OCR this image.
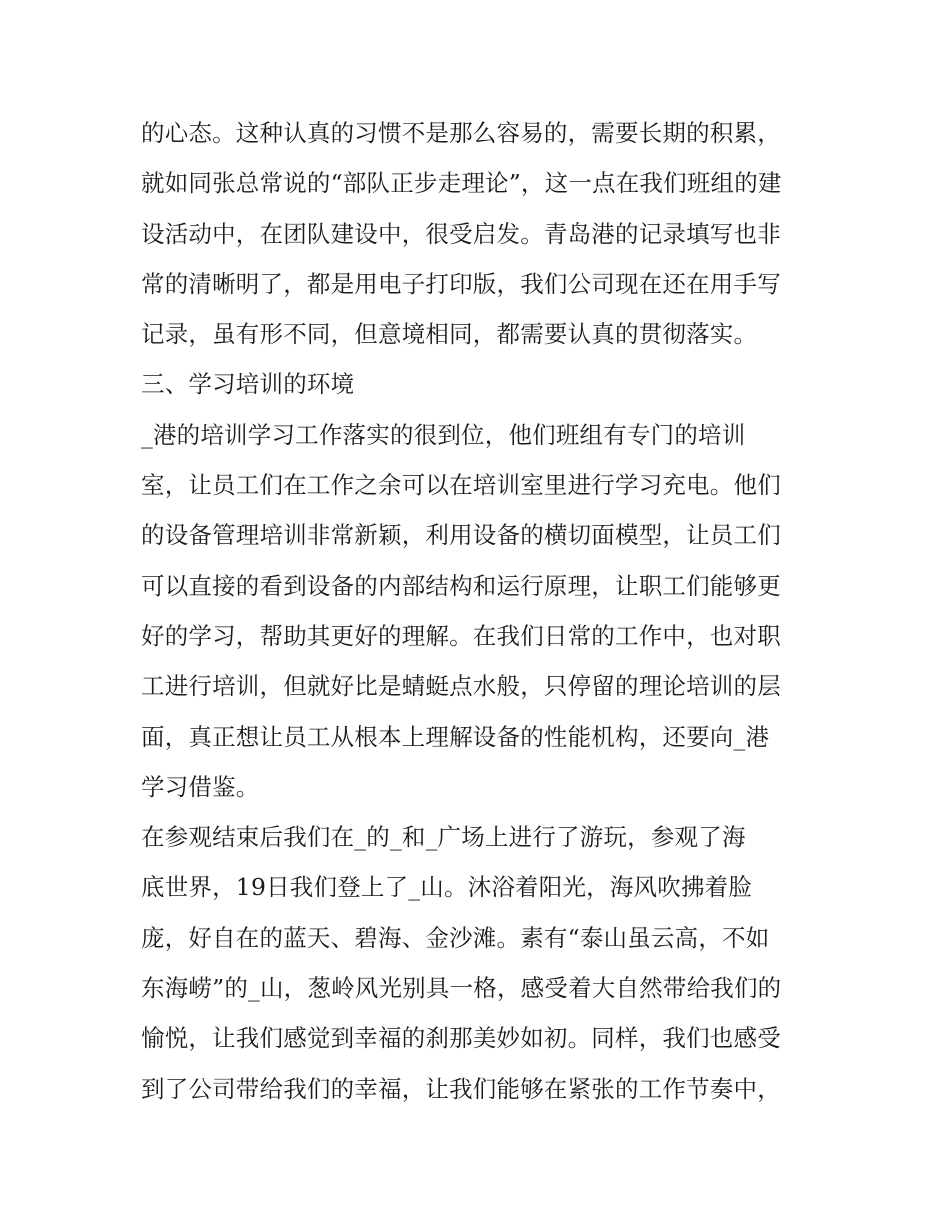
的心态。这种认真的习惯不是那么容易的，需要长期的积累，
就如同张总常说的“部队正步走理论”，这一点在我们班组的建
设活动中，在团队建设中，很受启发。青岛港的记录填写也非
常的清晰明了，都是用电子打印版，我们公司现在还在用手写
记录，虽有形不同，但意境相同，都需要认真的贯彻落实。
三、学习培训的环境
_港的培训学习工作落实的很到位，他们班组有专门的培训
室，让员工们在工作之余可以在培训室里进行学习充电。他们
的设备管理培训非常新颖，利用设备的横切面模型，让员工们
可以直接的看到设备的内部结构和运行原理，让职工们能够更
好的学习，帮助其更好的理解。在我们日常的工作中，也对职
工进行培训，但就好比是蜻蜓点水般，只停留的理论培训的层
面，真正想让员工从根本上理解设备的性能机构，还要向_港
学习借鉴。
在参观结束后我们在_的_和_广场上进行了游玩，参观了海
底世界，19日我们登上了_山。沐浴着阳光，海风吹拂着脸
庞，好自在的蓝天、碧海、金沙滩。素有“泰山虽云高，不如
东海崂”的_山，葱岭风光别具一格，感受着大自然带给我们的
愉悦，让我们感觉到幸福的刹那美妙如初。同样，我们也感受
到了公司带给我们的幸福，让我们能够在紧张的工作节奏中，
